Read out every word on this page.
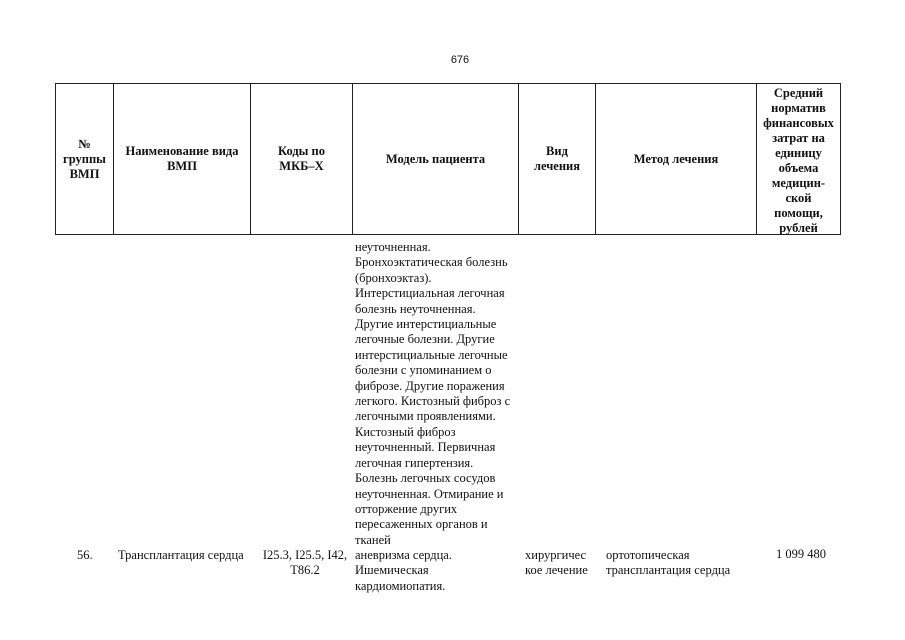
676
№
группы
ВМП
Наименование вида
ВМП
Коды по
МКБ–X
Модель пациента
Вид
лечения
Метод лечения
Средний
норматив
финансовых
затрат на
единицу
объема
медицин-
ской
помощи,
рублей
неуточненная.
Бронхоэктатическая болезнь
(бронхоэктаз).
Интерстициальная легочная
болезнь неуточненная.
Другие интерстициальные
легочные болезни. Другие
интерстициальные легочные
болезни с упоминанием о
фиброзе. Другие поражения
легкого. Кистозный фиброз с
легочными проявлениями.
Кистозный фиброз
неуточненный. Первичная
легочная гипертензия.
Болезнь легочных сосудов
неуточненная. Отмирание и
отторжение других
пересаженных органов и
тканей
56. Трансплантация сердца	I25.3, I25.5, I42,
T86.2
аневризма сердца.
Ишемическая
кардиомиопатия.
хирургичес
кое лечение
ортотопическая
трансплантация сердца
1 099 480
